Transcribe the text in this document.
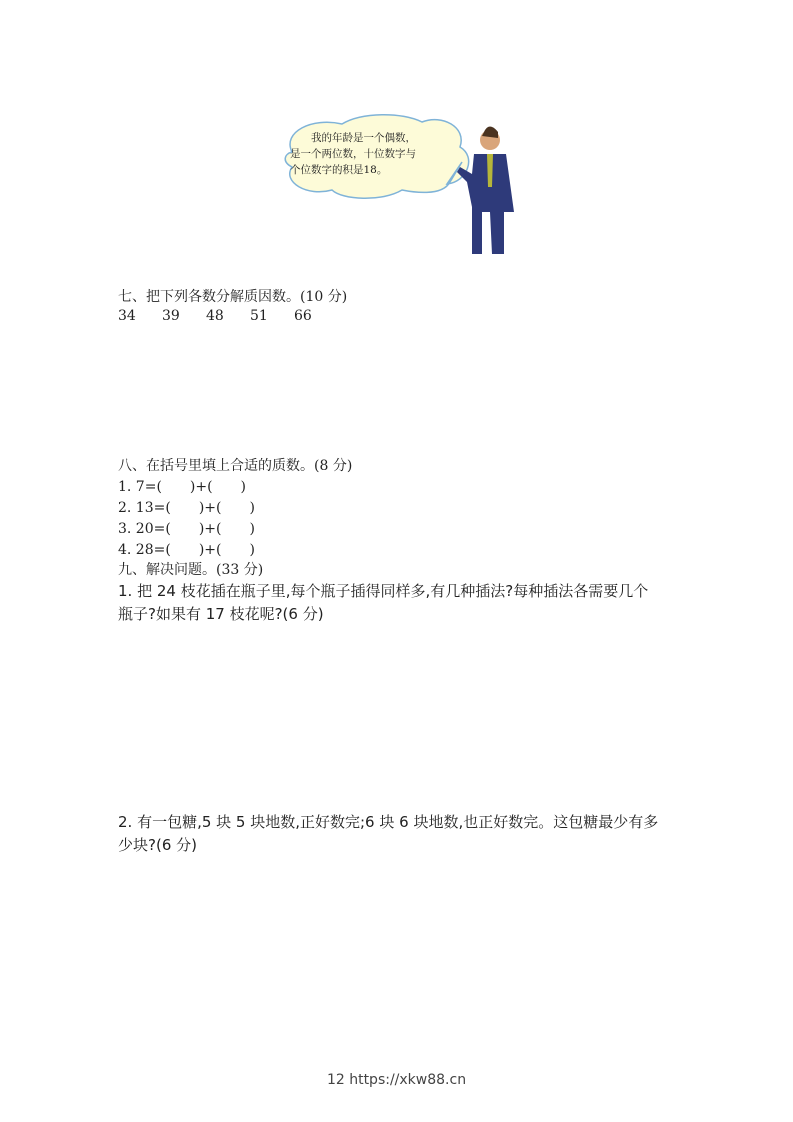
　　我的年龄是一个偶数，
是一个两位数，十位数字与
个位数字的积是18。
七、把下列各数分解质因数。(10 分)
34 39 48 51 66
八、在括号里填上合适的质数。(8 分)
1. 7=(　　)+(　　)
2. 13=(　　)+(　　)
3. 20=(　　)+(　　)
4. 28=(　　)+(　　)
九、解决问题。(33 分)
1. 把 24 枝花插在瓶子里,每个瓶子插得同样多,有几种插法?每种插法各需要几个
瓶子?如果有 17 枝花呢?(6 分)
2. 有一包糖,5 块 5 块地数,正好数完;6 块 6 块地数,也正好数完。这包糖最少有多
少块?(6 分)
12 https://xkw88.cn
